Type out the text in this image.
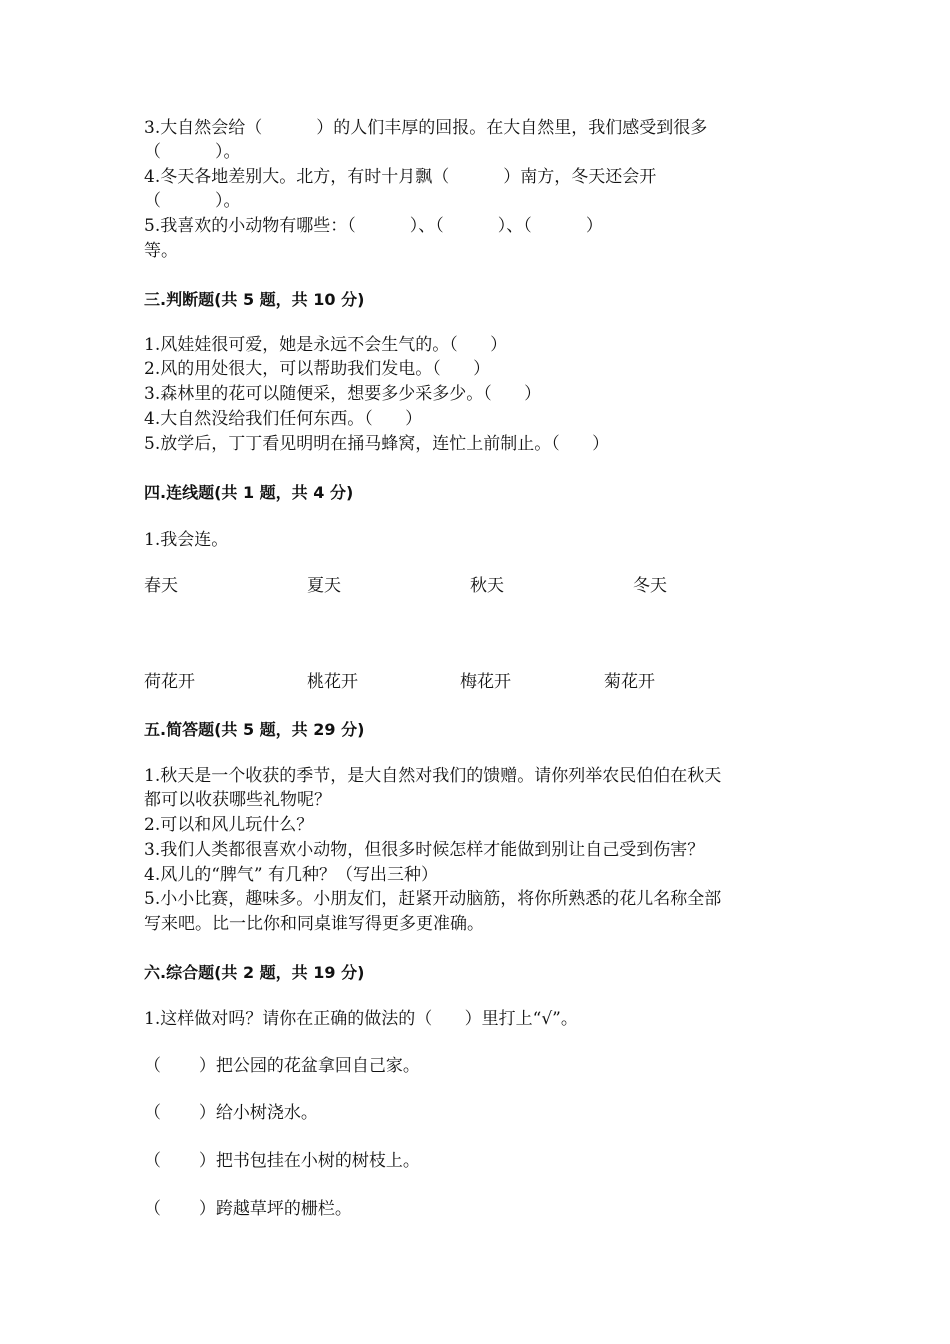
3.大自然会给（          ）的人们丰厚的回报。在大自然里，我们感受到很多
（          ）。
4.冬天各地差别大。北方，有时十月飘（          ）南方，冬天还会开
（          ）。
5.我喜欢的小动物有哪些：（          ）、（          ）、（          ）
等。
三.判断题(共 5 题，共 10 分)
1.风娃娃很可爱，她是永远不会生气的。（      ）
2.风的用处很大，可以帮助我们发电。（      ）
3.森林里的花可以随便采，想要多少采多少。（      ）
4.大自然没给我们任何东西。（      ）
5.放学后，丁丁看见明明在捅马蜂窝，连忙上前制止。（      ）
四.连线题(共 1 题，共 4 分)
1.我会连。
春天	夏天	秋天	冬天
荷花开	桃花开	梅花开	菊花开
五.简答题(共 5 题，共 29 分)
1.秋天是一个收获的季节，是大自然对我们的馈赠。请你列举农民伯伯在秋天
都可以收获哪些礼物呢？
2.可以和风儿玩什么？
3.我们人类都很喜欢小动物，但很多时候怎样才能做到别让自己受到伤害？
4.风儿的“脾气” 有几种？（写出三种）
5.小小比赛，趣味多。小朋友们，赶紧开动脑筋，将你所熟悉的花儿名称全部
写来吧。比一比你和同桌谁写得更多更准确。
六.综合题(共 2 题，共 19 分)
1.这样做对吗？请你在正确的做法的（      ）里打上“√”。
（       ）把公园的花盆拿回自己家。
（       ）给小树浇水。
（       ）把书包挂在小树的树枝上。
（       ）跨越草坪的栅栏。
